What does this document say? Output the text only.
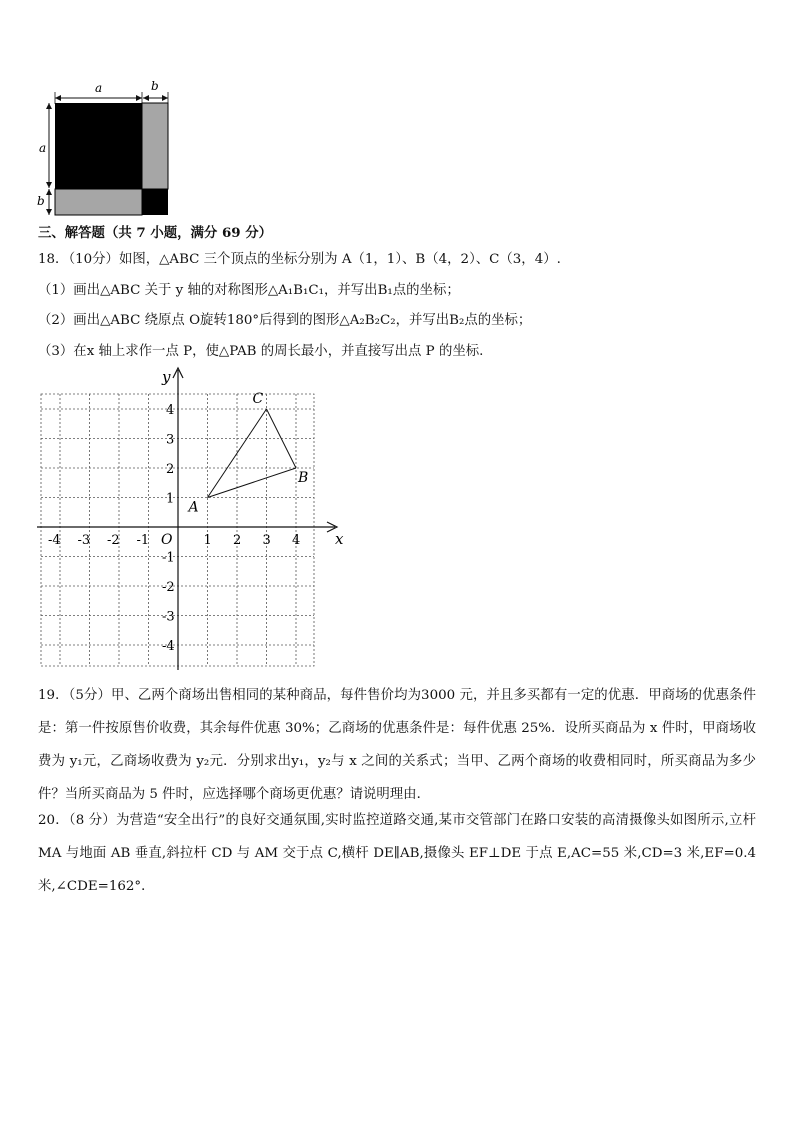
a	b
a
b
三、解答题（共 7 小题，满分 69 分）
18．（10分）如图，△ABC 三个顶点的坐标分别为 A（1，1）、B（4，2）、C（3，4）.
（1）画出△ABC 关于 y 轴的对称图形△A₁B₁C₁，并写出B₁点的坐标；
（2）画出△ABC 绕原点 O旋转180°后得到的图形△A₂B₂C₂，并写出B₂点的坐标；
（3）在x 轴上求作一点 P，使△PAB 的周长最小，并直接写出点 P 的坐标.
-4 -3 -2 -1	1 2 3 4
4
3
2
1
-1
-2
-3
-4
x
y
O
A
B
C
19．（5分）甲、乙两个商场出售相同的某种商品，每件售价均为3000 元，并且多买都有一定的优惠．甲商场的优惠条件是：第一件按原售价收费，其余每件优惠 30%；乙商场的优惠条件是：每件优惠 25%．设所买商品为 x 件时，甲商场收费为 y₁元，乙商场收费为 y₂元．分别求出y₁，y₂与 x 之间的关系式；当甲、乙两个商场的收费相同时，所买商品为多少件？当所买商品为 5 件时，应选择哪个商场更优惠？请说明理由．
20．（8 分）为营造“安全出行”的良好交通氛围,实时监控道路交通,某市交管部门在路口安装的高清摄像头如图所示,立杆 MA 与地面 AB 垂直,斜拉杆 CD 与 AM 交于点 C,横杆 DE∥AB,摄像头 EF⊥DE 于点 E,AC=55 米,CD=3 米,EF=0.4 米,∠CDE=162°．
